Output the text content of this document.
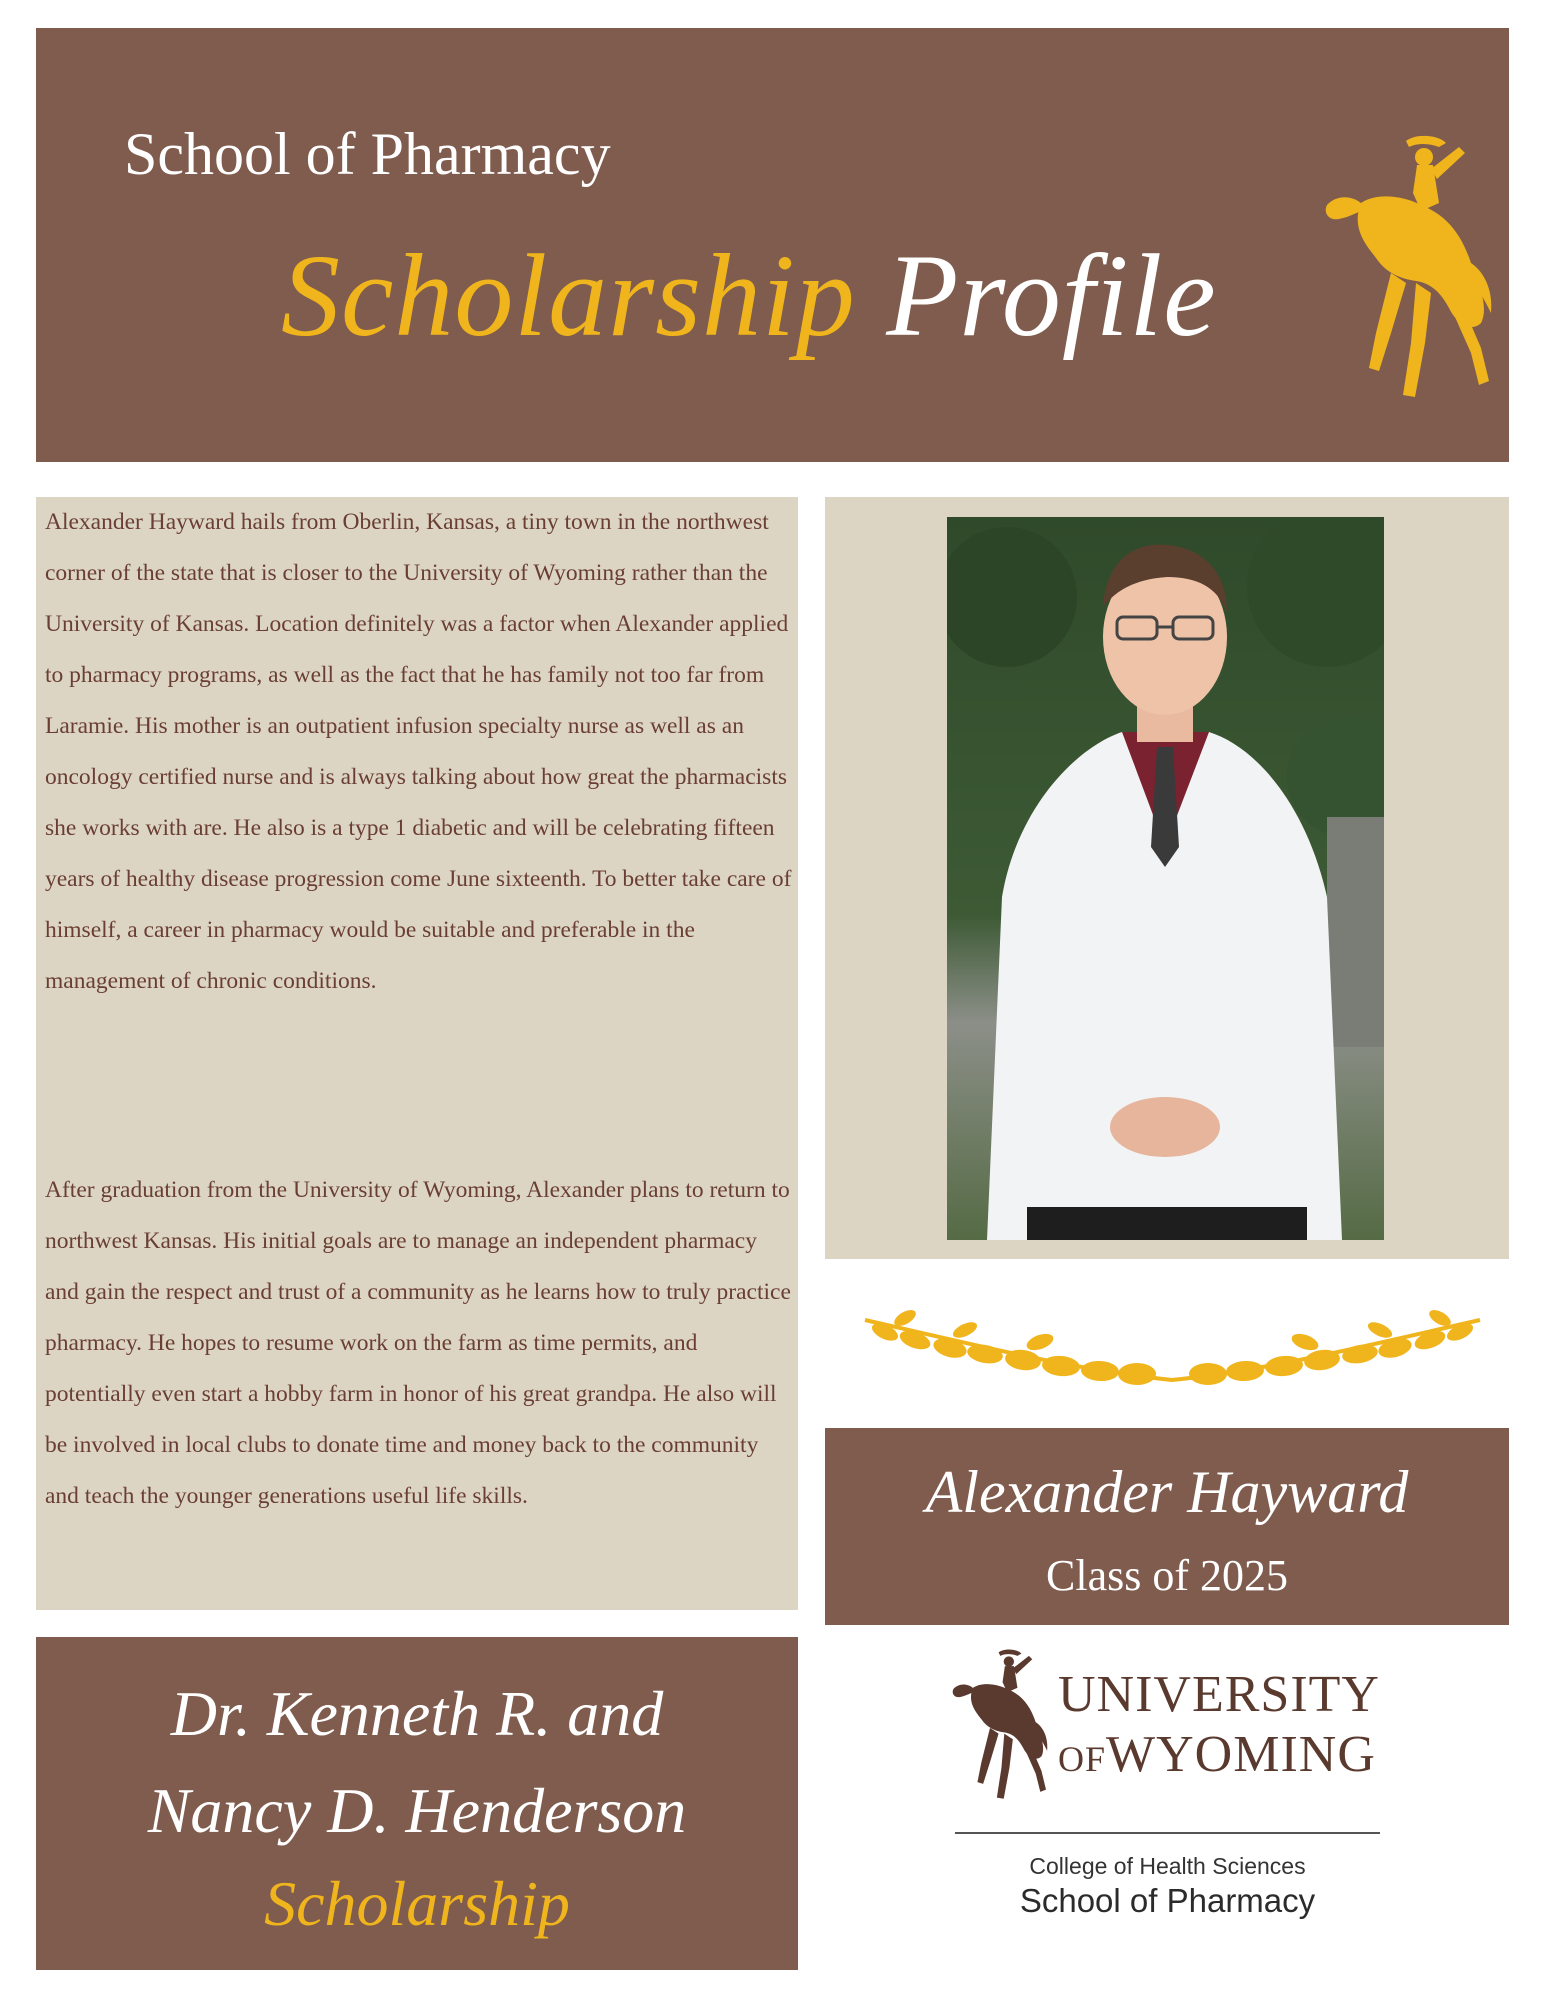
School of Pharmacy
Scholarship Profile

Alexander Hayward hails from Oberlin, Kansas, a tiny town in the northwest corner of the state that is closer to the University of Wyoming rather than the University of Kansas. Location definitely was a factor when Alexander applied to pharmacy programs, as well as the fact that he has family not too far from Laramie. His mother is an outpatient infusion specialty nurse as well as an oncology certified nurse and is always talking about how great the pharmacists she works with are. He also is a type 1 diabetic and will be celebrating fifteen years of healthy disease progression come June sixteenth. To better take care of himself, a career in pharmacy would be suitable and preferable in the management of chronic conditions.

After graduation from the University of Wyoming, Alexander plans to return to northwest Kansas. His initial goals are to manage an independent pharmacy and gain the respect and trust of a community as he learns how to truly practice pharmacy. He hopes to resume work on the farm as time permits, and potentially even start a hobby farm in honor of his great grandpa. He also will be involved in local clubs to donate time and money back to the community and teach the younger generations useful life skills.	Alexander Hayward
Class of 2025
Dr. Kenneth R. and
Nancy D. Henderson
Scholarship
UNIVERSITY
OFWYOMING
College of Health Sciences
School of Pharmacy
